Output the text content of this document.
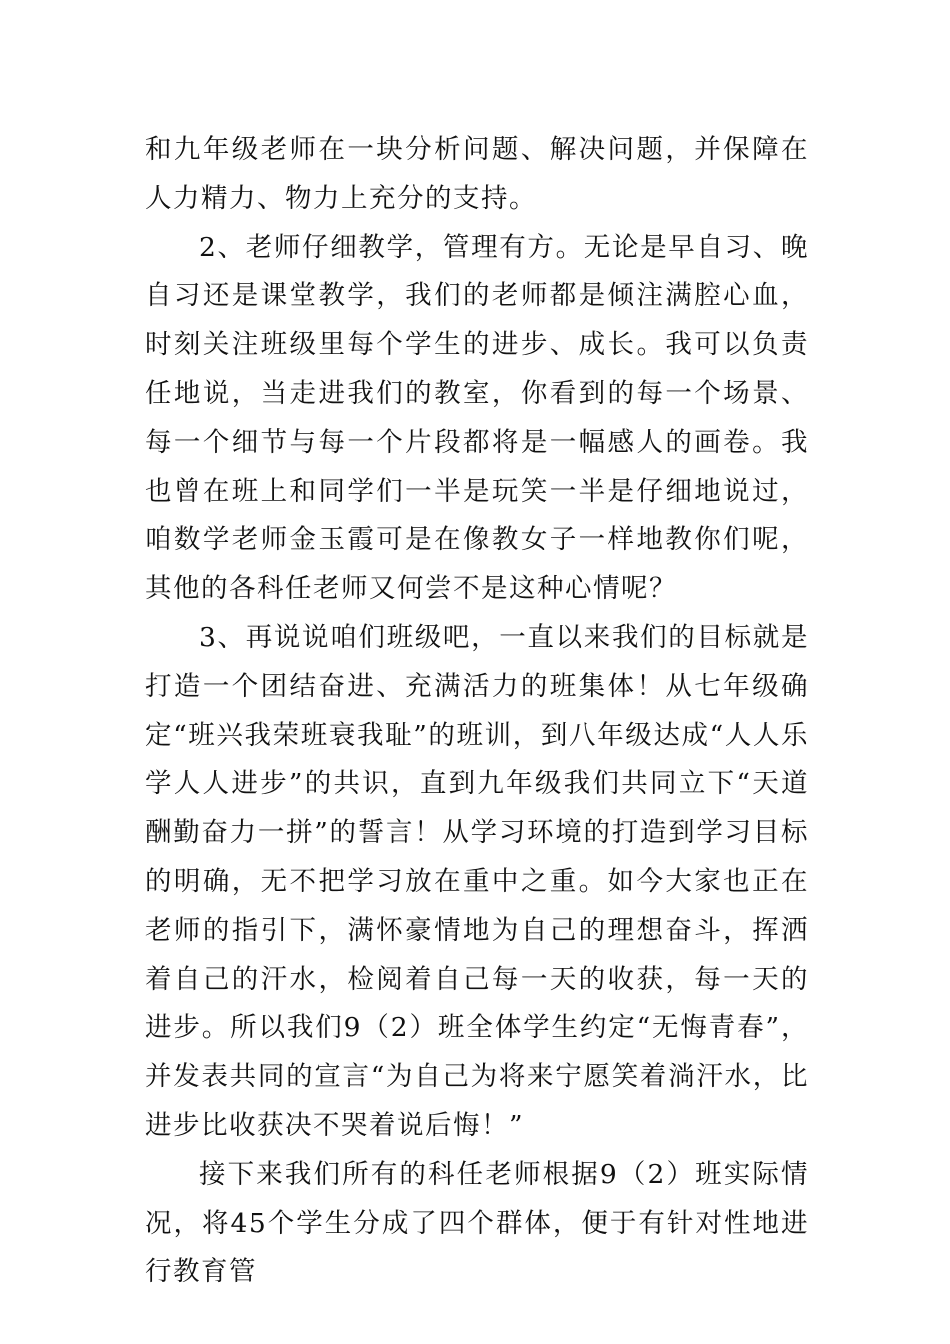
和九年级老师在一块分析问题、解决问题，并保障在人力精力、物力上充分的支持。

2、老师仔细教学，管理有方。无论是早自习、晚自习还是课堂教学，我们的老师都是倾注满腔心血，时刻关注班级里每个学生的进步、成长。我可以负责任地说，当走进我们的教室，你看到的每一个场景、每一个细节与每一个片段都将是一幅感人的画卷。我也曾在班上和同学们一半是玩笑一半是仔细地说过，咱数学老师金玉霞可是在像教女子一样地教你们呢，其他的各科任老师又何尝不是这种心情呢？

3、再说说咱们班级吧，一直以来我们的目标就是打造一个团结奋进、充满活力的班集体！从七年级确定“班兴我荣班衰我耻”的班训，到八年级达成“人人乐学人人进步”的共识，直到九年级我们共同立下“天道酬勤奋力一拼”的誓言！从学习环境的打造到学习目标的明确，无不把学习放在重中之重。如今大家也正在老师的指引下，满怀豪情地为自己的理想奋斗，挥洒着自己的汗水，检阅着自己每一天的收获，每一天的进步。所以我们9（2）班全体学生约定“无悔青春”，并发表共同的宣言“为自己为将来宁愿笑着淌汗水，比进步比收获决不哭着说后悔！”

接下来我们所有的科任老师根据9（2）班实际情况，将45个学生分成了四个群体，便于有针对性地进行教育管
